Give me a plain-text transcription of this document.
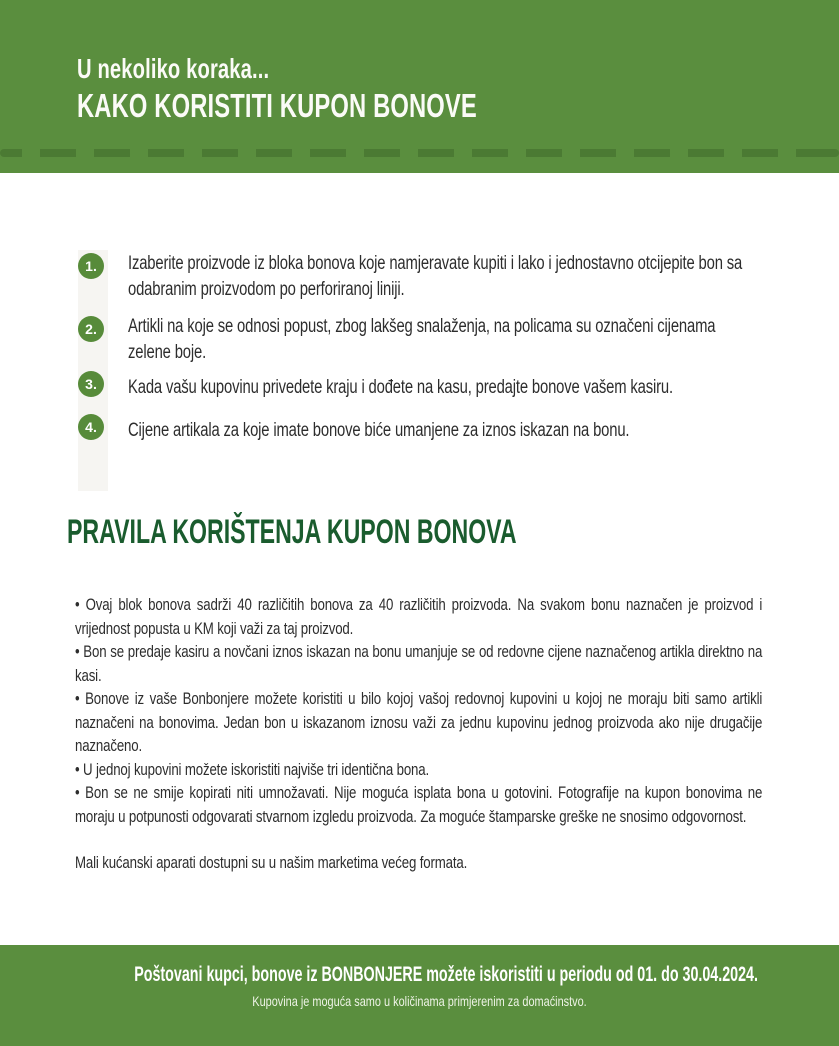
U nekoliko koraka...
KAKO KORISTITI KUPON BONOVE
1.	Izaberite proizvode iz bloka bonova koje namjeravate kupiti i lako i jednostavno otcijepite bon sa odabranim proizvodom po perforiranoj liniji.

2.	Artikli na koje se odnosi popust, zbog lakšeg snalaženja, na policama su označeni cijenama zelene boje.

3.	Kada vašu kupovinu privedete kraju i dođete na kasu, predajte bonove vašem kasiru.

4.	Cijene artikala za koje imate bonove biće umanjene za iznos iskazan na bonu.

PRAVILA KORIŠTENJA KUPON BONOVA

• Ovaj blok bonova sadrži 40 različitih bonova za 40 različitih proizvoda. Na svakom bonu naznačen je proizvod i vrijednost popusta u KM koji važi za taj proizvod.

• Bon se predaje kasiru a novčani iznos iskazan na bonu umanjuje se od redovne cijene naznačenog artikla direktno na kasi.

• Bonove iz vaše Bonbonjere možete koristiti u bilo kojoj vašoj redovnoj kupovini u kojoj ne moraju biti samo artikli naznačeni na bonovima. Jedan bon u iskazanom iznosu važi za jednu kupovinu jednog proizvoda ako nije drugačije naznačeno.

• U jednoj kupovini možete iskoristiti najviše tri identična bona.

• Bon se ne smije kopirati niti umnožavati. Nije moguća isplata bona u gotovini. Fotografije na kupon bonovima ne moraju u potpunosti odgovarati stvarnom izgledu proizvoda. Za moguće štamparske greške ne snosimo odgovornost.

Mali kućanski aparati dostupni su u našim marketima većeg formata.

Poštovani kupci, bonove iz BONBONJERE možete iskoristiti u periodu od 01. do 30.04.2024.

Kupovina je moguća samo u količinama primjerenim za domaćinstvo.
